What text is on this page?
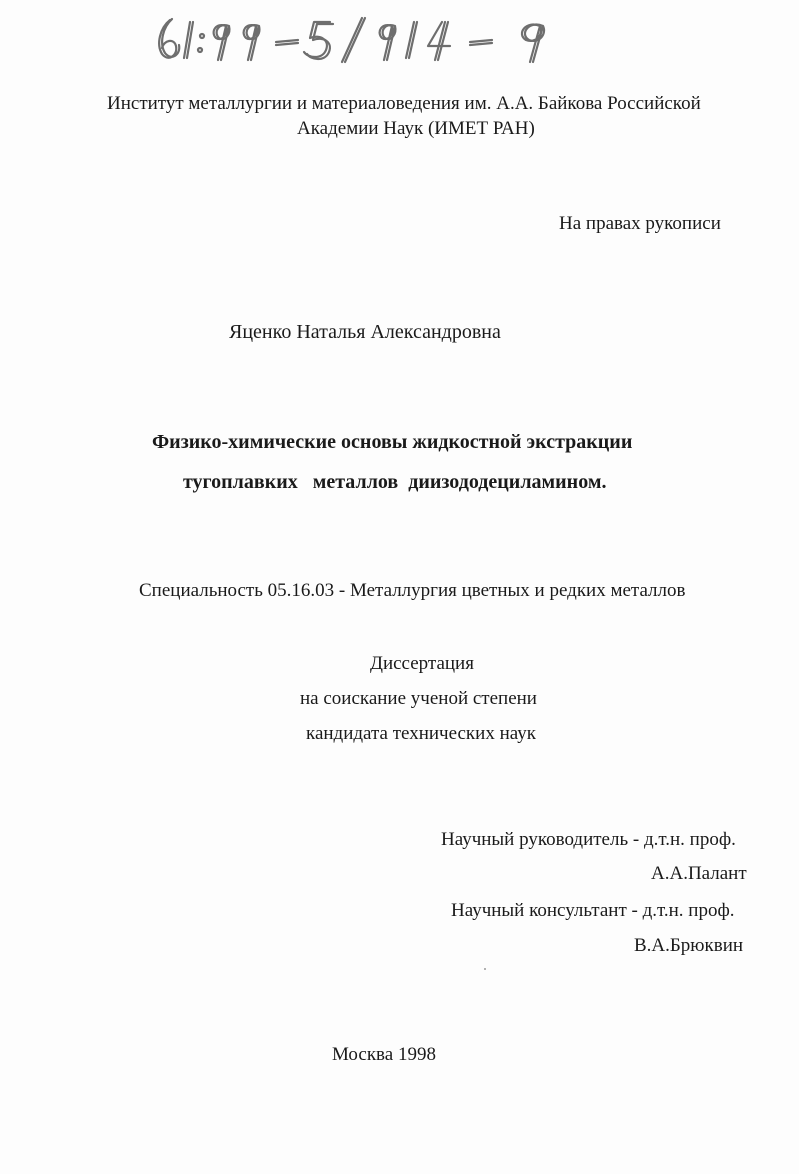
Институт металлургии и материаловедения им. А.А. Байкова Российской
Академии Наук (ИМЕТ РАН)
На правах рукописи
Яценко Наталья Александровна
Физико-химические основы жидкостной экстракции
тугоплавких   металлов  диизододециламином.
Специальность 05.16.03 - Металлургия цветных и редких металлов
Диссертация
на соискание ученой степени
кандидата технических наук
Научный руководитель - д.т.н. проф.
А.А.Палант
Научный консультант - д.т.н. проф.
В.А.Брюквин
Москва 1998
